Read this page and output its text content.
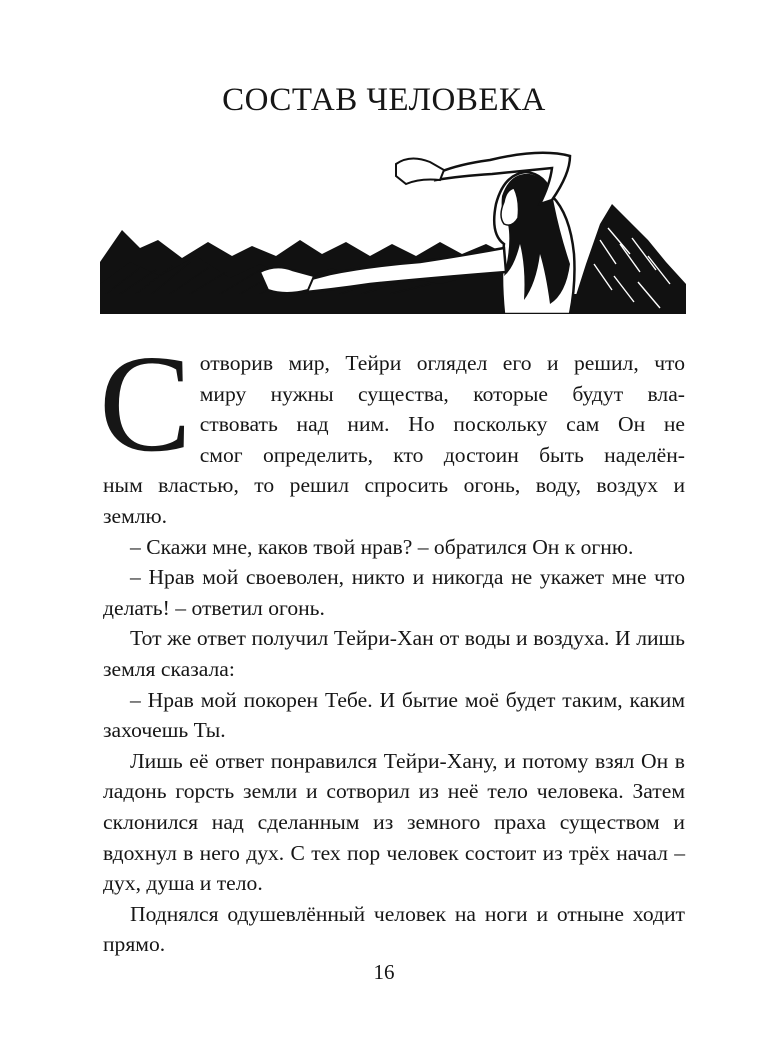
СОСТАВ ЧЕЛОВЕКА

С отворив мир, Тейри оглядел его и решил, что
миру нужны существа, которые будут вла-
ствовать над ним. Но поскольку сам Он не
смог определить, кто достоин быть наделён-
ным властью, то решил спросить огонь, воду, воздух и
землю.

– Скажи мне, каков твой нрав? – обратился Он к огню.

– Нрав мой своеволен, никто и никогда не укажет мне что делать! – ответил огонь.

Тот же ответ получил Тейри-Хан от воды и воздуха. И лишь земля сказала:

– Нрав мой покорен Тебе. И бытие моё будет таким, каким захочешь Ты.

Лишь её ответ понравился Тейри-Хану, и потому взял Он в ладонь горсть земли и сотворил из неё тело человека. Затем склонился над сделанным из земного праха существом и вдохнул в него дух. С тех пор человек состоит из трёх начал – дух, душа и тело.

Поднялся одушевлённый человек на ноги и отныне ходит прямо.

16
